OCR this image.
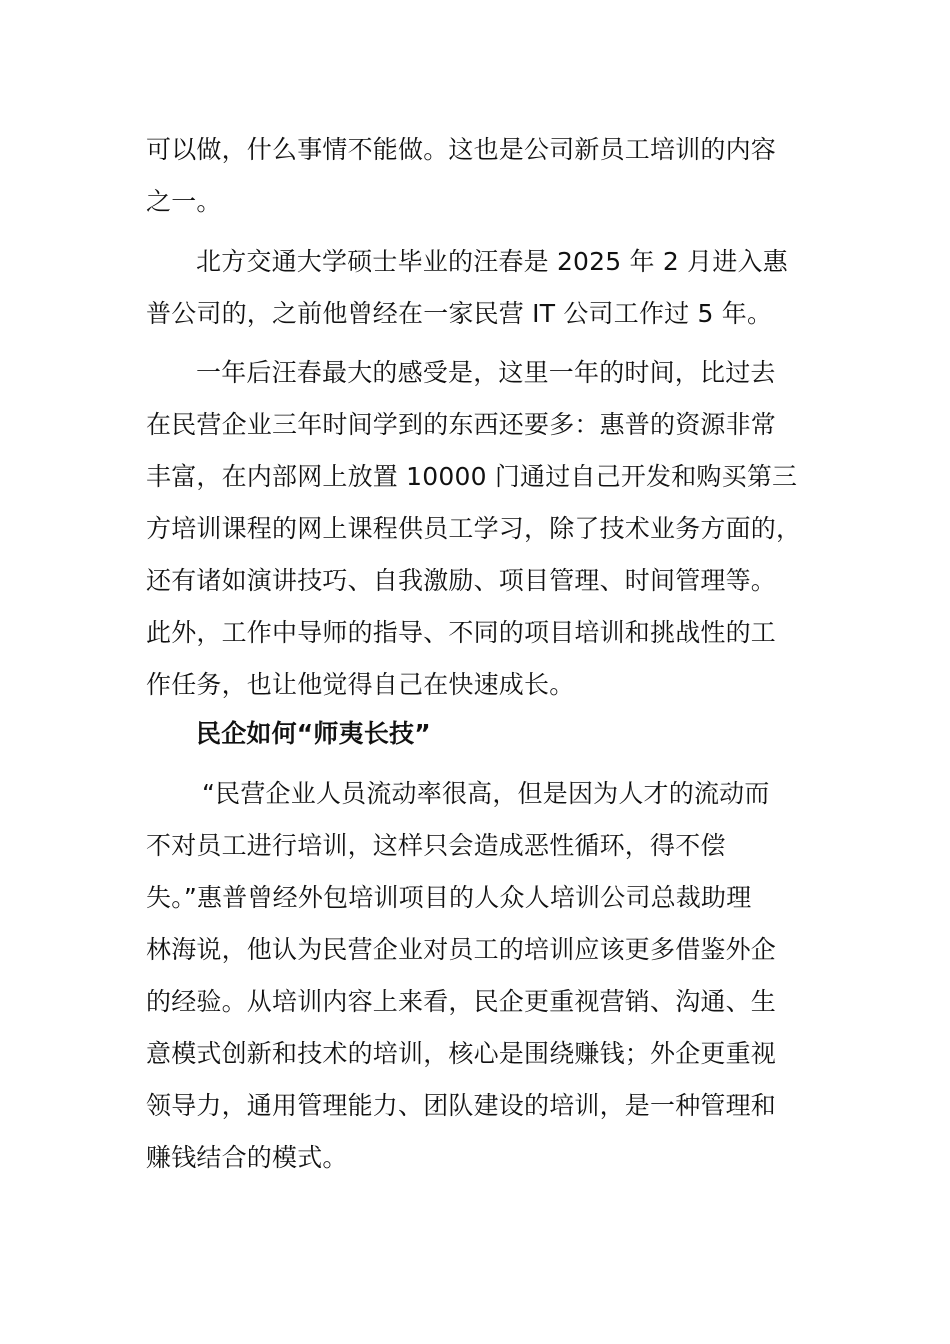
可以做，什么事情不能做。这也是公司新员工培训的内容
之一。
北方交通大学硕士毕业的汪春是 2025 年 2 月进入惠
普公司的，之前他曾经在一家民营 IT 公司工作过 5 年。
一年后汪春最大的感受是，这里一年的时间，比过去
在民营企业三年时间学到的东西还要多：惠普的资源非常
丰富，在内部网上放置 10000 门通过自己开发和购买第三
方培训课程的网上课程供员工学习，除了技术业务方面的，
还有诸如演讲技巧、自我激励、项目管理、时间管理等。
此外，工作中导师的指导、不同的项目培训和挑战性的工
作任务，也让他觉得自己在快速成长。
民企如何“师夷长技”
“民营企业人员流动率很高，但是因为人才的流动而
不对员工进行培训，这样只会造成恶性循环，得不偿
失。”惠普曾经外包培训项目的人众人培训公司总裁助理
林海说，他认为民营企业对员工的培训应该更多借鉴外企
的经验。从培训内容上来看，民企更重视营销、沟通、生
意模式创新和技术的培训，核心是围绕赚钱；外企更重视
领导力，通用管理能力、团队建设的培训，是一种管理和
赚钱结合的模式。
